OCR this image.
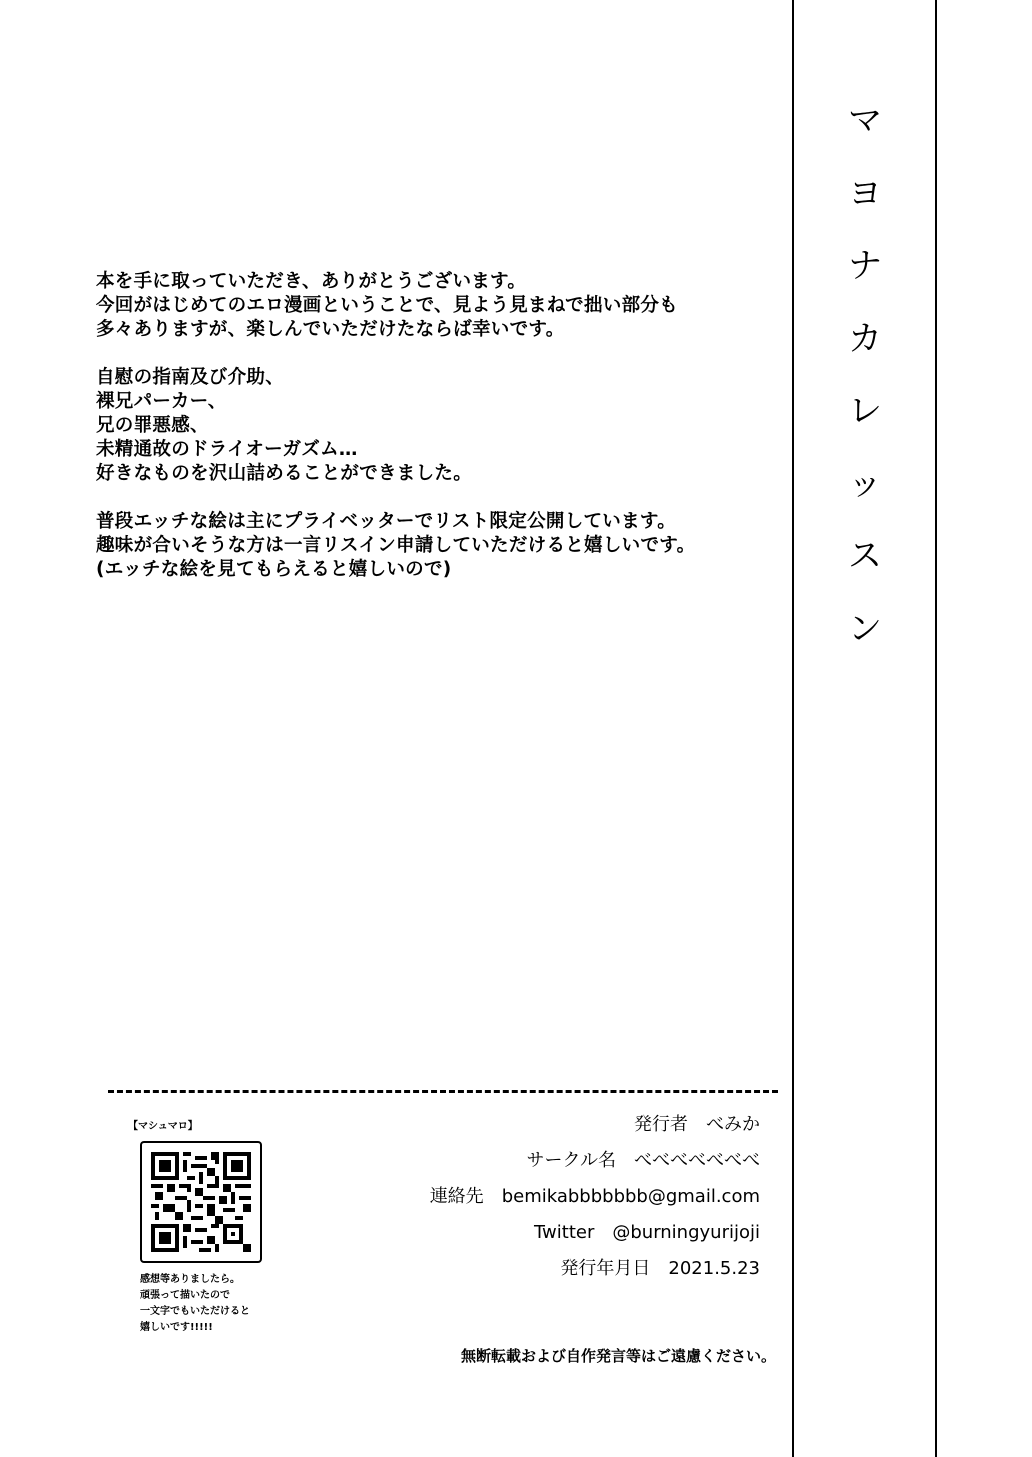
マ
ヨ
ナ
カ
レ
ッ
ス
ン
本を手に取っていただき、ありがとうございます。
今回がはじめてのエロ漫画ということで、見よう見まねで拙い部分も
多々ありますが、楽しんでいただけたならば幸いです。
自慰の指南及び介助、
裸兄パーカー、
兄の罪悪感、
未精通故のドライオーガズム…
好きなものを沢山詰めることができました。
普段エッチな絵は主にプライベッターでリスト限定公開しています。
趣味が合いそうな方は一言リスイン申請していただけると嬉しいです。
(エッチな絵を見てもらえると嬉しいので)
【マシュマロ】
感想等ありましたら。
頑張って描いたので
一文字でもいただけると
嬉しいです!!!!!
発行者 べみか
サークル名 べべべべべべべ
連絡先 bemikabbbbbbb@gmail.com
Twitter @burningyurijoji
発行年月日 2021.5.23
無断転載および自作発言等はご遠慮ください。
